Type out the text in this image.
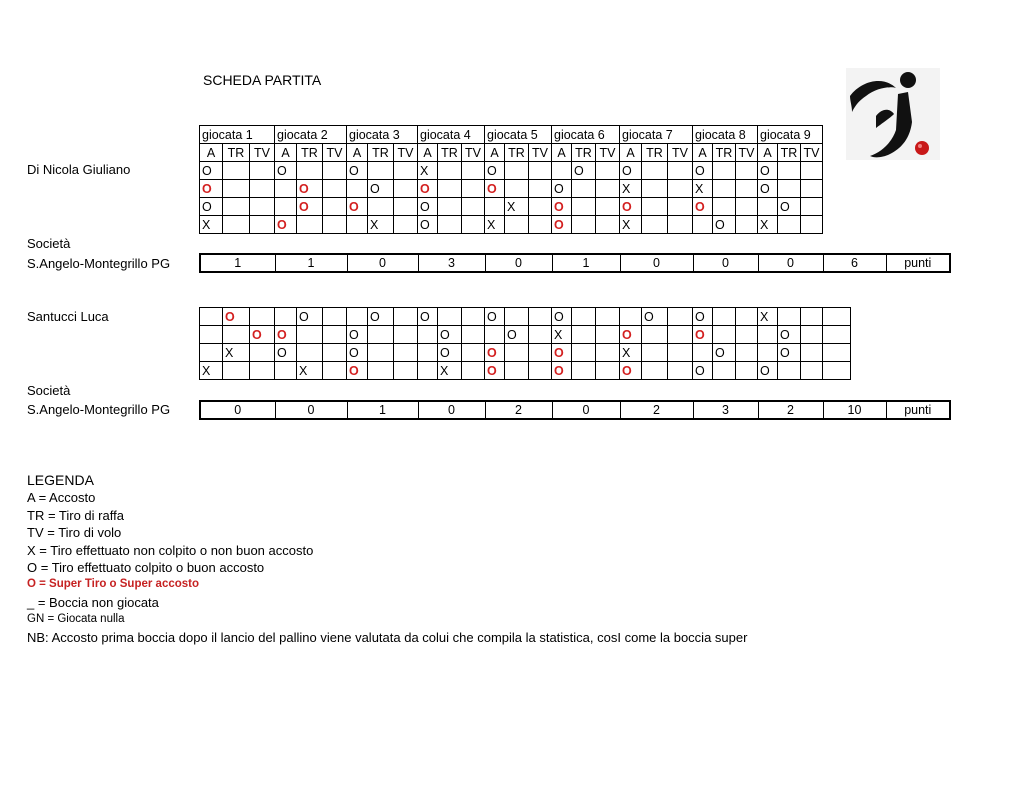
SCHEDA PARTITA
Di Nicola Giuliano
Società
S.Angelo-Montegrillo PG
giocata 1			giocata 2			giocata 3			giocata 4			giocata 5			giocata 6			giocata 7			giocata 8			giocata 9		
A	TR	TV	A	TR	TV	A	TR	TV	A	TR	TV	A	TR	TV	A	TR	TV	A	TR	TV	A	TR	TV	A	TR	TV
O			O			O			X			O				O		O			O			O		
O				O			O		O			O			O			X			X			O		
O				O		O			O				X		O			O			O				O	
X			O				X		O			X			O			X				O		X		
1	1	0	3	0	1	0	0	0	6	punti
Santucci Luca
Società
S.Angelo-Montegrillo PG
	O			O			O		O			O			O				O		O			X			
		O	O			O				O			O		X			O			O				O		
	X		O			O				O		O			O			X				O			O		
X				X		O				X		O			O			O			O			O			
0	0	1	0	2	0	2	3	2	10	punti
LEGENDA
A = Accosto
TR = Tiro di raffa
TV = Tiro di volo
X = Tiro effettuato non colpito o non buon accosto
O = Tiro effettuato colpito o buon accosto
O = Super Tiro o Super accosto
_ = Boccia non giocata
GN = Giocata nulla
NB: Accosto prima boccia dopo il lancio del pallino viene valutata da colui che compila la statistica, cosI come la boccia super
